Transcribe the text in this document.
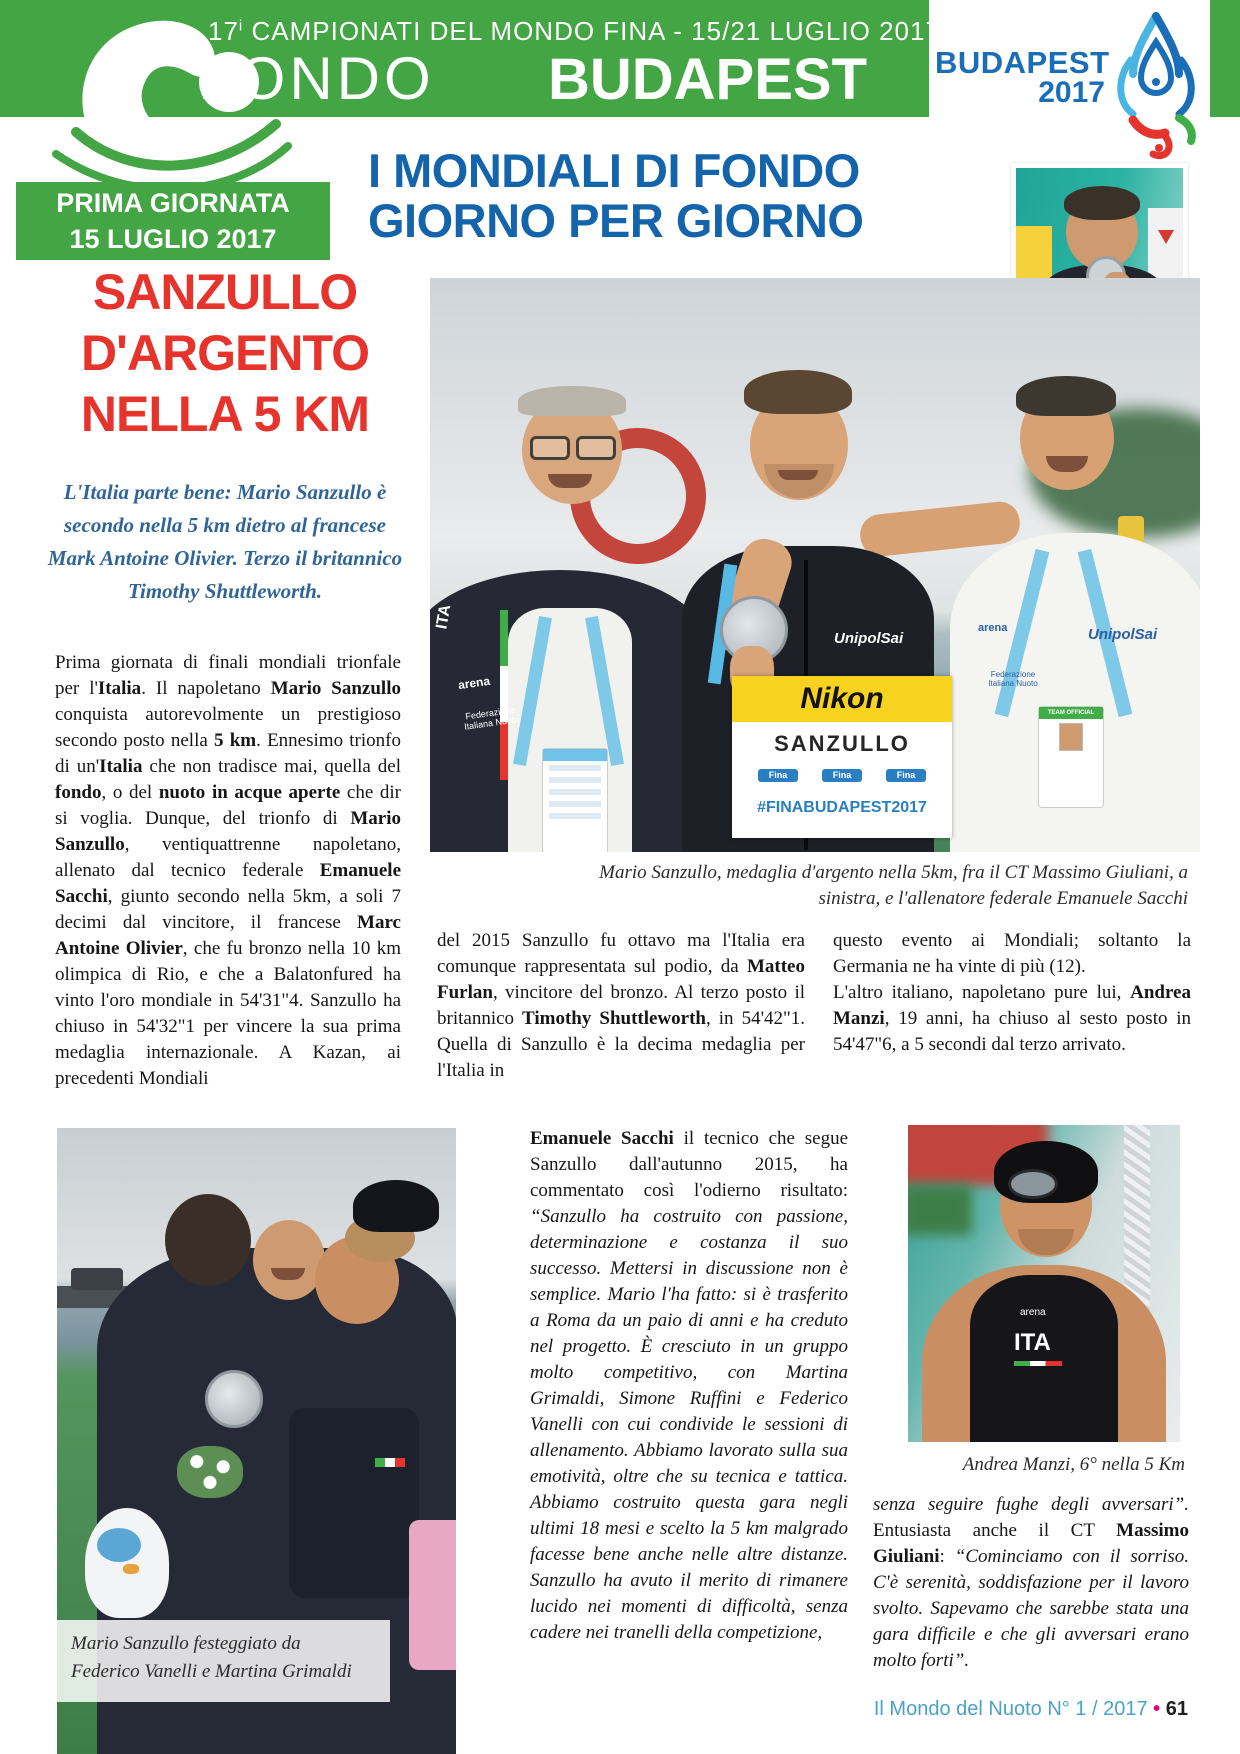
17$^i$ CAMPIONATI DEL MONDO FINA - 15/21 LUGLIO 2017
FONDO BUDAPEST BUDAPEST
2017
PRIMA GIORNATA
15 LUGLIO 2017
I MONDIALI DI FONDO
GIORNO PER GIORNO
SANZULLO
D'ARGENTO
NELLA 5 KM
L'Italia parte bene: Mario Sanzullo è secondo nella 5 km dietro al francese Mark Antoine Olivier. Terzo il britannico Timothy Shuttleworth.
TEAM OFFICIAL
UnipolSai
arena
Federazione Italiana Nuoto
ITA
arena
Federazione Italiana Nuoto
UnipolSai
Nikon
SANZULLO
Fina	Fina	Fina
#FINABUDAPEST2017
Mario Sanzullo, medaglia d'argento nella 5km, fra il CT Massimo Giuliani, a sinistra, e l'allenatore federale Emanuele Sacchi

Prima giornata di finali mondiali trionfale per l'Italia. Il napoletano Mario Sanzullo conquista autorevolmente un prestigioso secondo posto nella 5 km. Ennesimo trionfo di un'Italia che non tradisce mai, quella del fondo, o del nuoto in acque aperte che dir si voglia. Dunque, del trionfo di Mario Sanzullo, ventiquattrenne napoletano, allenato dal tecnico federale Emanuele Sacchi, giunto secondo nella 5km, a soli 7 decimi dal vincitore, il francese Marc Antoine Olivier, che fu bronzo nella 10 km olimpica di Rio, e che a Balatonfured ha vinto l'oro mondiale in 54'31"4. Sanzullo ha chiuso in 54'32"1 per vincere la sua prima medaglia internazionale. A Kazan, ai precedenti Mondiali

del 2015 Sanzullo fu ottavo ma l'Italia era comunque rappresentata sul podio, da Matteo Furlan, vincitore del bronzo. Al terzo posto il britannico Timothy Shuttleworth, in 54'42"1. Quella di Sanzullo è la decima medaglia per l'Italia in

questo evento ai Mondiali; soltanto la Germania ne ha vinte di più (12).

L'altro italiano, napoletano pure lui, Andrea Manzi, 19 anni, ha chiuso al sesto posto in 54'47"6, a 5 secondi dal terzo arrivato.

Mario Sanzullo festeggiato da Federico Vanelli e Martina Grimaldi

Emanuele Sacchi il tecnico che segue Sanzullo dall'autunno 2015, ha commentato così l'odierno risultato: “Sanzullo ha costruito con passione, determinazione e costanza il suo successo. Mettersi in discussione non è semplice. Mario l'ha fatto: si è trasferito a Roma da un paio di anni e ha creduto nel progetto. È cresciuto in un gruppo molto competitivo, con Martina Grimaldi, Simone Ruffini e Federico Vanelli con cui condivide le sessioni di allenamento. Abbiamo lavorato sulla sua emotività, oltre che su tecnica e tattica. Abbiamo costruito questa gara negli ultimi 18 mesi e scelto la 5 km malgrado facesse bene anche nelle altre distanze. Sanzullo ha avuto il merito di rimanere lucido nei momenti di difficoltà, senza cadere nei tranelli della competizione,

arena
ITA
Andrea Manzi, 6° nella 5 Km

senza seguire fughe degli avversari”. Entusiasta anche il CT Massimo Giuliani: “Cominciamo con il sorriso. C'è serenità, soddisfazione per il lavoro svolto. Sapevamo che sarebbe stata una gara difficile e che gli avversari erano molto forti”.

Il Mondo del Nuoto N° 1 / 2017 • 61
